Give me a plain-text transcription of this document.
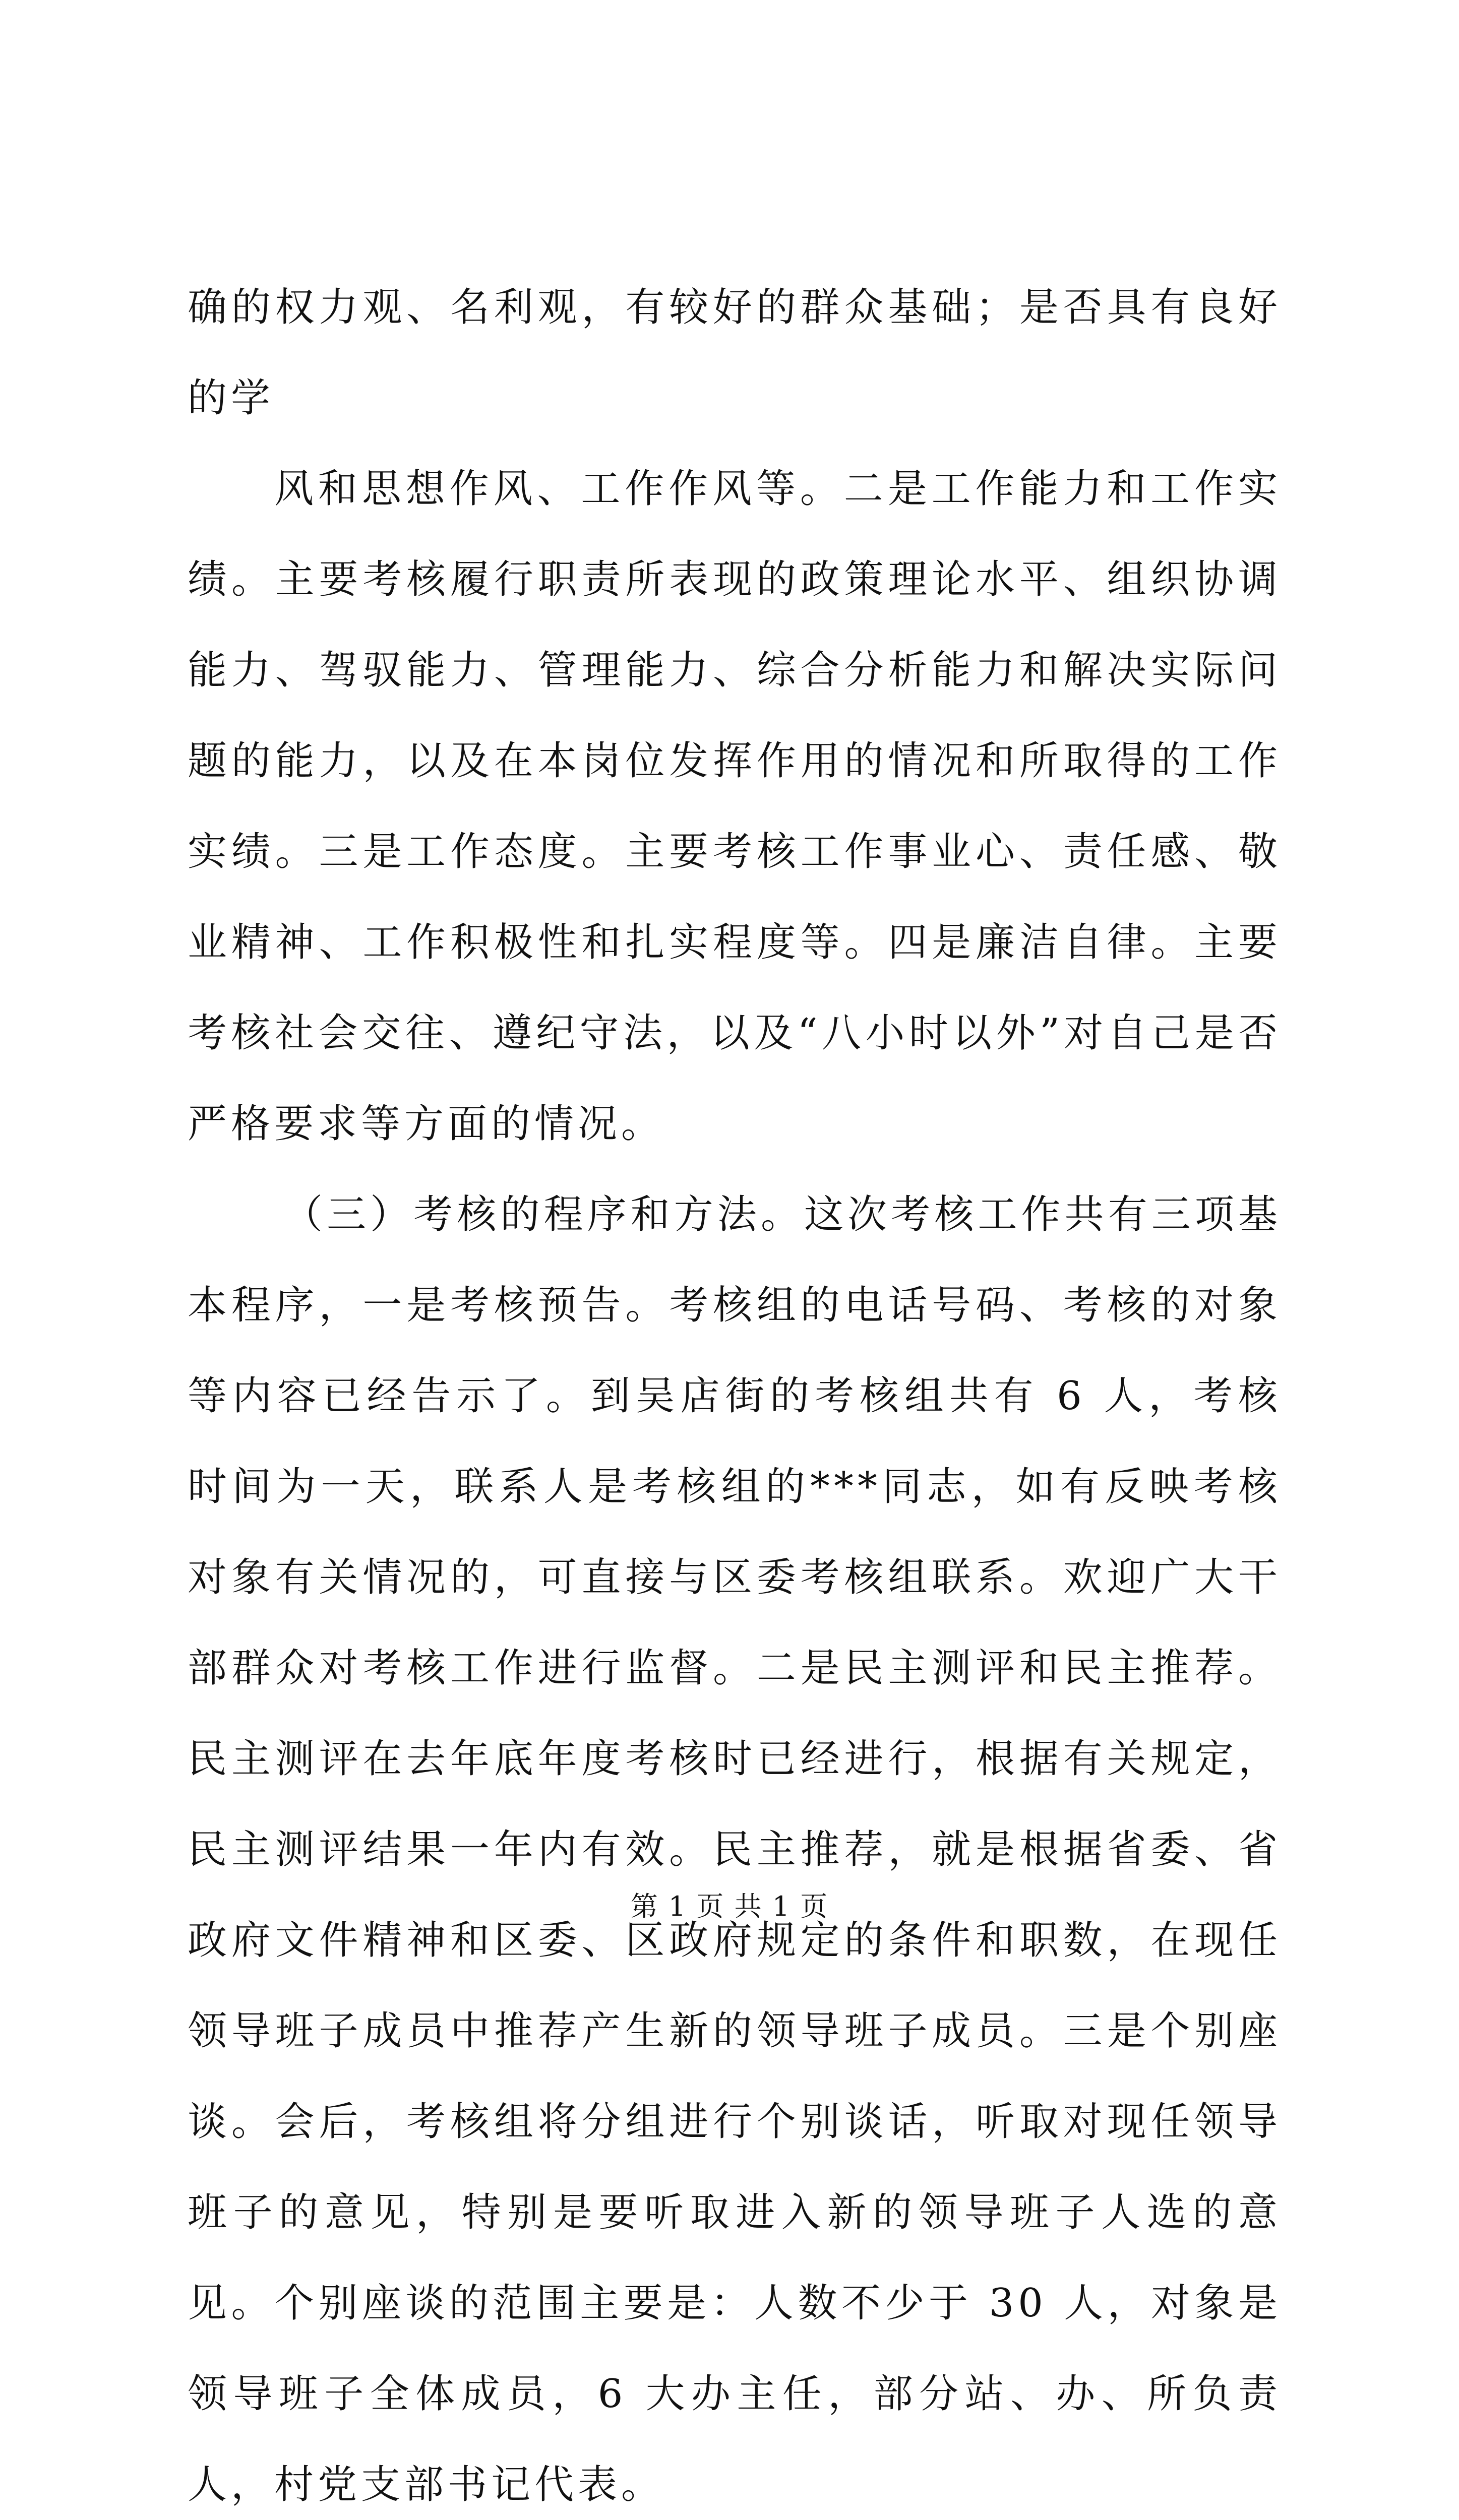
确的权力观、名利观，有较好的群众基础；是否具有良好的学

风和思想作风、工作作风等。二是工作能力和工作实绩。主要考核履行职责所表现的政策理论水平、组织协调能力、驾驭能力、管理能力、综合分析能力和解决实际问题的能力，以及在本岗位发挥作用的情况和所取得的工作实绩。三是工作态度。主要考核工作事业心、责任感、敬业精神、工作积极性和扎实程度等。四是廉洁自律。主要考核社会交往、遵纪守法，以及“八小时以外”对自己是否严格要求等方面的情况。

（三）考核的程序和方法。这次考核工作共有三项基本程序，一是考核预告。考核组的电话号码、考核的对象等内容已经告示了。到吴店街的考核组共有 6 人，考核时间为一天，联系人是考核组的***同志，如有反映考核对象有关情况的，可直接与区委考核组联系。欢迎广大干部群众对考核工作进行监督。二是民主测评和民主推荐。民主测评在去年底年度考核时已经进行，根据有关规定，民主测评结果一年内有效。民主推荐，就是根据省委、省政府文件精神和区委、区政府规定的条件和职数，在现任领导班子成员中推荐产生新的领导班子成员。三是个别座谈。会后，考核组将分组进行个别谈话，听取对现任领导班子的意见，特别是要听取进入新的领导班子人选的意见。个别座谈的范围主要是：人数不少于 30 人，对象是领导班子全体成员，6 大办主任，部分站、办、所负责人，村党支部书记代表。

第 1 页 共 1 页
